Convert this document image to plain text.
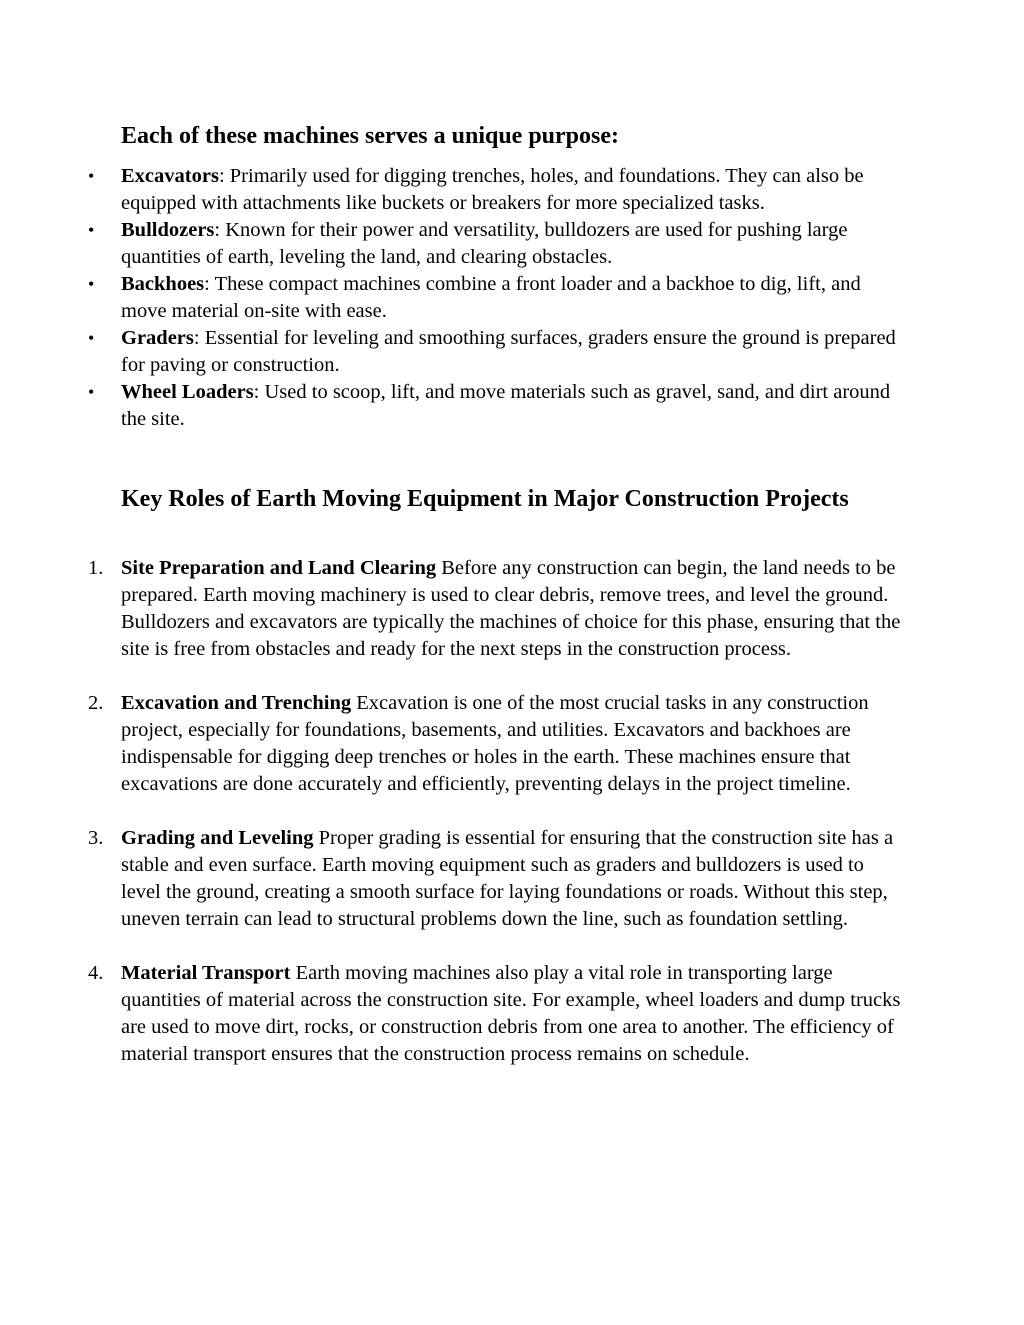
Each of these machines serves a unique purpose:
•	Excavators: Primarily used for digging trenches, holes, and foundations. They can also be equipped with attachments like buckets or breakers for more specialized tasks.
•	Bulldozers: Known for their power and versatility, bulldozers are used for pushing large quantities of earth, leveling the land, and clearing obstacles.
•	Backhoes: These compact machines combine a front loader and a backhoe to dig, lift, and move material on-site with ease.
•	Graders: Essential for leveling and smoothing surfaces, graders ensure the ground is prepared for paving or construction.
•	Wheel Loaders: Used to scoop, lift, and move materials such as gravel, sand, and dirt around the site.
Key Roles of Earth Moving Equipment in Major Construction Projects
1. Site Preparation and Land Clearing Before any construction can begin, the land needs to be prepared. Earth moving machinery is used to clear debris, remove trees, and level the ground. Bulldozers and excavators are typically the machines of choice for this phase, ensuring that the site is free from obstacles and ready for the next steps in the construction process.
2. Excavation and Trenching Excavation is one of the most crucial tasks in any construction project, especially for foundations, basements, and utilities. Excavators and backhoes are indispensable for digging deep trenches or holes in the earth. These machines ensure that excavations are done accurately and efficiently, preventing delays in the project timeline.
3. Grading and Leveling Proper grading is essential for ensuring that the construction site has a stable and even surface. Earth moving equipment such as graders and bulldozers is used to level the ground, creating a smooth surface for laying foundations or roads. Without this step, uneven terrain can lead to structural problems down the line, such as foundation settling.
4. Material Transport Earth moving machines also play a vital role in transporting large quantities of material across the construction site. For example, wheel loaders and dump trucks are used to move dirt, rocks, or construction debris from one area to another. The efficiency of material transport ensures that the construction process remains on schedule.
